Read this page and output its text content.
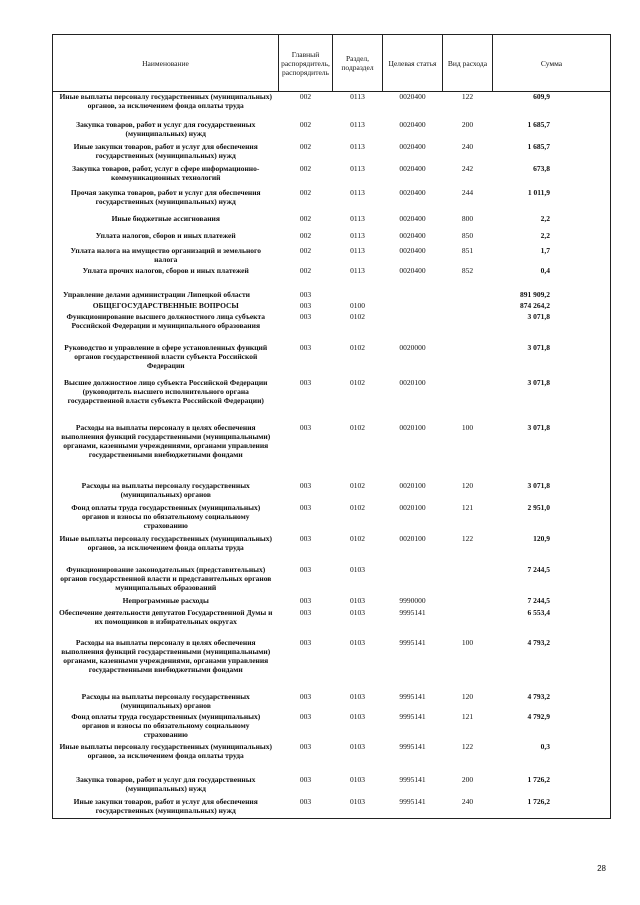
Наименование	Главный распорядитель, распорядитель	Раздел, подраздел	Целевая статья	Вид расхода	Сумма
Иные выплаты персоналу государственных (муниципальных) органов, за исключением фонда оплаты труда	002	0113	0020400	122	609,9
Закупка товаров, работ и услуг для государственных (муниципальных) нужд	002	0113	0020400	200	1 685,7
Иные закупки товаров, работ и услуг для обеспечения государственных (муниципальных) нужд	002	0113	0020400	240	1 685,7
Закупка товаров, работ, услуг в сфере информационно-коммуникационных технологий	002	0113	0020400	242	673,8
Прочая закупка товаров, работ и услуг для обеспечения государственных (муниципальных) нужд	002	0113	0020400	244	1 011,9
Иные бюджетные ассигнования	002	0113	0020400	800	2,2
Уплата налогов, сборов и иных платежей	002	0113	0020400	850	2,2
Уплата налога на имущество организаций и земельного налога	002	0113	0020400	851	1,7
Уплата прочих налогов, сборов и иных платежей	002	0113	0020400	852	0,4
Управление делами администрации Липецкой области	003				891 909,2
ОБЩЕГОСУДАРСТВЕННЫЕ ВОПРОСЫ	003	0100			874 264,2
Функционирование высшего должностного лица субъекта Российской Федерации и муниципального образования	003	0102			3 071,8
Руководство и управление в сфере установленных функций органов государственной власти субъекта Российской Федерации	003	0102	0020000		3 071,8
Высшее должностное лицо субъекта Российской Федерации (руководитель высшего исполнительного органа государственной власти субъекта Российской Федерации)	003	0102	0020100		3 071,8
Расходы на выплаты персоналу в целях обеспечения выполнения функций государственными (муниципальными) органами, казенными учреждениями, органами управления государственными внебюджетными фондами	003	0102	0020100	100	3 071,8
Расходы на выплаты персоналу государственных (муниципальных) органов	003	0102	0020100	120	3 071,8
Фонд оплаты труда государственных (муниципальных) органов и взносы по обязательному социальному страхованию	003	0102	0020100	121	2 951,0
Иные выплаты персоналу государственных (муниципальных) органов, за исключением фонда оплаты труда	003	0102	0020100	122	120,9
Функционирование законодательных (представительных) органов государственной власти и представительных органов муниципальных образований	003	0103			7 244,5
Непрограммные расходы	003	0103	9990000		7 244,5
Обеспечение деятельности депутатов Государственной Думы и их помощников в избирательных округах	003	0103	9995141		6 553,4
Расходы на выплаты персоналу в целях обеспечения выполнения функций государственными (муниципальными) органами, казенными учреждениями, органами управления государственными внебюджетными фондами	003	0103	9995141	100	4 793,2
Расходы на выплаты персоналу государственных (муниципальных) органов	003	0103	9995141	120	4 793,2
Фонд оплаты труда государственных (муниципальных) органов и взносы по обязательному социальному страхованию	003	0103	9995141	121	4 792,9
Иные выплаты персоналу государственных (муниципальных) органов, за исключением фонда оплаты труда	003	0103	9995141	122	0,3
Закупка товаров, работ и услуг для государственных (муниципальных) нужд	003	0103	9995141	200	1 726,2
Иные закупки товаров, работ и услуг для обеспечения государственных (муниципальных) нужд	003	0103	9995141	240	1 726,2
28
